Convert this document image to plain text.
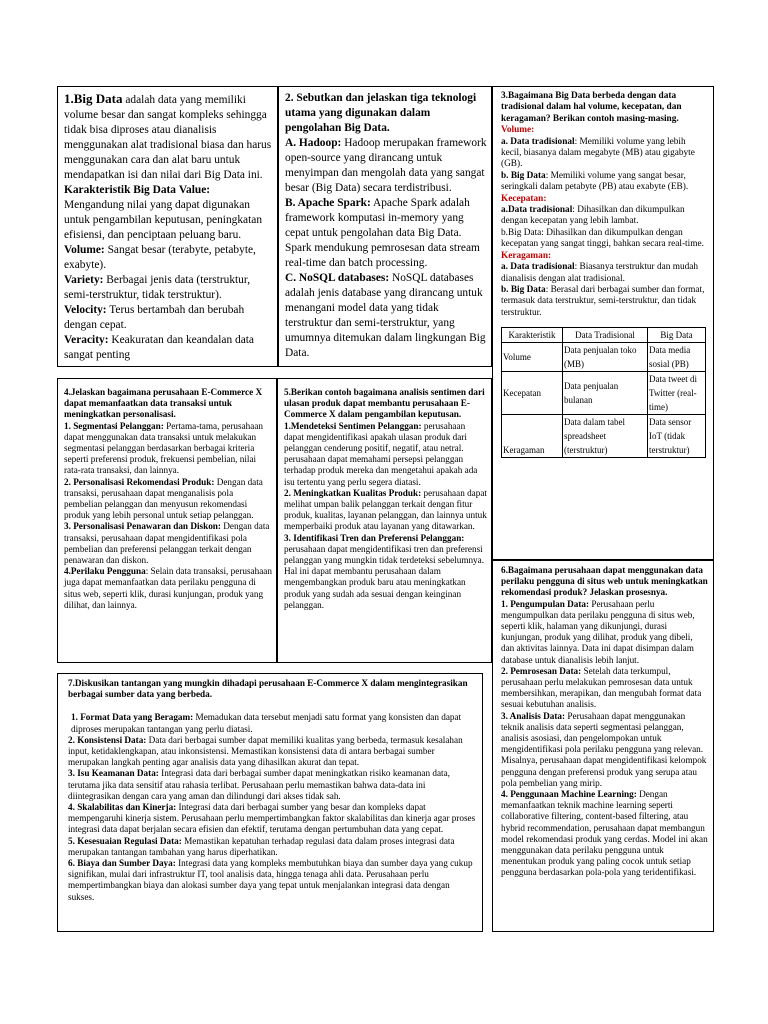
1.Big Data adalah data yang memiliki volume besar dan sangat kompleks sehingga tidak bisa diproses atau dianalisis menggunakan alat tradisional biasa dan harus menggunakan cara dan alat baru untuk mendapatkan isi dan nilai dari Big Data ini. Karakteristik Big Data Value: Mengandung nilai yang dapat digunakan untuk pengambilan keputusan, peningkatan efisiensi, dan penciptaan peluang baru.

Volume: Sangat besar (terabyte, petabyte, exabyte).

Variety: Berbagai jenis data (terstruktur, semi-terstruktur, tidak terstruktur).

Velocity: Terus bertambah dan berubah dengan cepat.

Veracity: Keakuratan dan keandalan data sangat penting

2. Sebutkan dan jelaskan tiga teknologi utama yang digunakan dalam pengolahan Big Data.

A. Hadoop: Hadoop merupakan framework open-source yang dirancang untuk menyimpan dan mengolah data yang sangat besar (Big Data) secara terdistribusi.

B. Apache Spark: Apache Spark adalah framework komputasi in-memory yang cepat untuk pengolahan data Big Data. Spark mendukung pemrosesan data stream real-time dan batch processing.

C. NoSQL databases: NoSQL databases adalah jenis database yang dirancang untuk menangani model data yang tidak terstruktur dan semi-terstruktur, yang umumnya ditemukan dalam lingkungan Big Data.

3.Bagaimana Big Data berbeda dengan data tradisional dalam hal volume, kecepatan, dan keragaman? Berikan contoh masing-masing.

Volume:

a. Data tradisional: Memiliki volume yang lebih kecil, biasanya dalam megabyte (MB) atau gigabyte (GB).

b. Big Data: Memiliki volume yang sangat besar, seringkali dalam petabyte (PB) atau exabyte (EB).

Kecepatan:

a.Data tradisional: Dihasilkan dan dikumpulkan dengan kecepatan yang lebih lambat.

b.Big Data: Dihasilkan dan dikumpulkan dengan kecepatan yang sangat tinggi, bahkan secara real-time.

Keragaman:

a. Data tradisional: Biasanya terstruktur dan mudah dianalisis dengan alat tradisional.

b. Big Data: Berasal dari berbagai sumber dan format, termasuk data terstruktur, semi-terstruktur, dan tidak terstruktur.

Karakteristik	Data Tradisional	Big Data
Volume	Data penjualan toko (MB)	Data media sosial (PB)
Kecepatan	Data penjualan bulanan	Data tweet di Twitter (real-time)
Keragaman	Data dalam tabel spreadsheet (terstruktur)	Data sensor IoT (tidak terstruktur)

4.Jelaskan bagaimana perusahaan E-Commerce X dapat memanfaatkan data transaksi untuk meningkatkan personalisasi.

1. Segmentasi Pelanggan: Pertama-tama, perusahaan dapat menggunakan data transaksi untuk melakukan segmentasi pelanggan berdasarkan berbagai kriteria seperti preferensi produk, frekuensi pembelian, nilai rata-rata transaksi, dan lainnya.

2. Personalisasi Rekomendasi Produk: Dengan data transaksi, perusahaan dapat menganalisis pola pembelian pelanggan dan menyusun rekomendasi produk yang lebih personal untuk setiap pelanggan.

3. Personalisasi Penawaran dan Diskon: Dengan data transaksi, perusahaan dapat mengidentifikasi pola pembelian dan preferensi pelanggan terkait dengan penawaran dan diskon.

4.Perilaku Pengguna: Selain data transaksi, perusahaan juga dapat memanfaatkan data perilaku pengguna di situs web, seperti klik, durasi kunjungan, produk yang dilihat, dan lainnya.

5.Berikan contoh bagaimana analisis sentimen dari ulasan produk dapat membantu perusahaan E-Commerce X dalam pengambilan keputusan.

1.Mendeteksi Sentimen Pelanggan: perusahaan dapat mengidentifikasi apakah ulasan produk dari pelanggan cenderung positif, negatif, atau netral. perusahaan dapat memahami persepsi pelanggan terhadap produk mereka dan mengetahui apakah ada isu tertentu yang perlu segera diatasi.

2. Meningkatkan Kualitas Produk: perusahaan dapat melihat umpan balik pelanggan terkait dengan fitur produk, kualitas, layanan pelanggan, dan lainnya untuk memperbaiki produk atau layanan yang ditawarkan.

3. Identifikasi Tren dan Preferensi Pelanggan: perusahaan dapat mengidentifikasi tren dan preferensi pelanggan yang mungkin tidak terdeteksi sebelumnya. Hal ini dapat membantu perusahaan dalam mengembangkan produk baru atau meningkatkan produk yang sudah ada sesuai dengan keinginan pelanggan.

6.Bagaimana perusahaan dapat menggunakan data perilaku pengguna di situs web untuk meningkatkan rekomendasi produk? Jelaskan prosesnya.

1. Pengumpulan Data: Perusahaan perlu mengumpulkan data perilaku pengguna di situs web, seperti klik, halaman yang dikunjungi, durasi kunjungan, produk yang dilihat, produk yang dibeli, dan aktivitas lainnya. Data ini dapat disimpan dalam database untuk dianalisis lebih lanjut.

2. Pemrosesan Data: Setelah data terkumpul, perusahaan perlu melakukan pemrosesan data untuk membersihkan, merapikan, dan mengubah format data sesuai kebutuhan analisis.

3. Analisis Data: Perusahaan dapat menggunakan teknik analisis data seperti segmentasi pelanggan, analisis asosiasi, dan pengelompokan untuk mengidentifikasi pola perilaku pengguna yang relevan. Misalnya, perusahaan dapat mengidentifikasi kelompok pengguna dengan preferensi produk yang serupa atau pola pembelian yang mirip.

4. Penggunaan Machine Learning: Dengan memanfaatkan teknik machine learning seperti collaborative filtering, content-based filtering, atau hybrid recommendation, perusahaan dapat membangun model rekomendasi produk yang cerdas. Model ini akan menggunakan data perilaku pengguna untuk menentukan produk yang paling cocok untuk setiap pengguna berdasarkan pola-pola yang teridentifikasi.

7.Diskusikan tantangan yang mungkin dihadapi perusahaan E-Commerce X dalam mengintegrasikan berbagai sumber data yang berbeda.

1. Format Data yang Beragam: Memadukan data tersebut menjadi satu format yang konsisten dan dapat diproses merupakan tantangan yang perlu diatasi.

2. Konsistensi Data: Data dari berbagai sumber dapat memiliki kualitas yang berbeda, termasuk kesalahan input, ketidaklengkapan, atau inkonsistensi. Memastikan konsistensi data di antara berbagai sumber merupakan langkah penting agar analisis data yang dihasilkan akurat dan tepat.

3. Isu Keamanan Data: Integrasi data dari berbagai sumber dapat meningkatkan risiko keamanan data, terutama jika data sensitif atau rahasia terlibat. Perusahaan perlu memastikan bahwa data-data ini diintegrasikan dengan cara yang aman dan dilindungi dari akses tidak sah.

4. Skalabilitas dan Kinerja: Integrasi data dari berbagai sumber yang besar dan kompleks dapat mempengaruhi kinerja sistem. Perusahaan perlu mempertimbangkan faktor skalabilitas dan kinerja agar proses integrasi data dapat berjalan secara efisien dan efektif, terutama dengan pertumbuhan data yang cepat.

5. Kesesuaian Regulasi Data: Memastikan kepatuhan terhadap regulasi data dalam proses integrasi data merupakan tantangan tambahan yang harus diperhatikan.

6. Biaya dan Sumber Daya: Integrasi data yang kompleks membutuhkan biaya dan sumber daya yang cukup signifikan, mulai dari infrastruktur IT, tool analisis data, hingga tenaga ahli data. Perusahaan perlu mempertimbangkan biaya dan alokasi sumber daya yang tepat untuk menjalankan integrasi data dengan sukses.
